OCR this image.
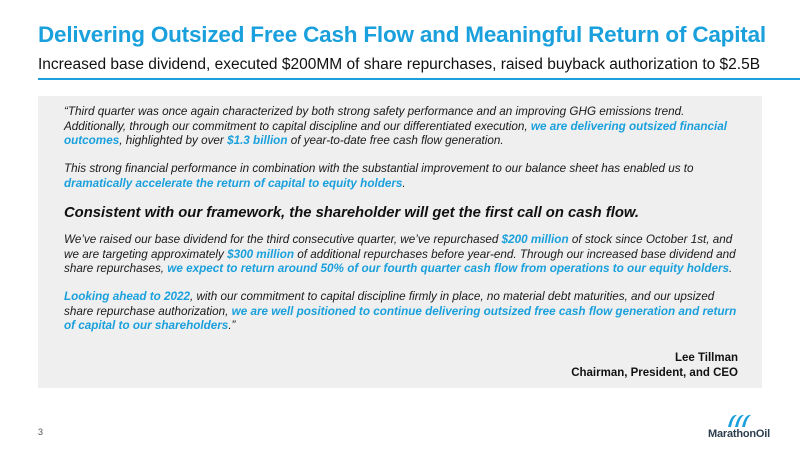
Delivering Outsized Free Cash Flow and Meaningful Return of Capital
Increased base dividend, executed $200MM of share repurchases, raised buyback authorization to $2.5B

“Third quarter was once again characterized by both strong safety performance and an improving GHG emissions trend. Additionally, through our commitment to capital discipline and our differentiated execution, we are delivering outsized financial outcomes, highlighted by over $1.3 billion of year-to-date free cash flow generation.

This strong financial performance in combination with the substantial improvement to our balance sheet has enabled us to dramatically accelerate the return of capital to equity holders.

Consistent with our framework, the shareholder will get the first call on cash flow.

We’ve raised our base dividend for the third consecutive quarter, we’ve repurchased $200 million of stock since October 1st, and we are targeting approximately $300 million of additional repurchases before year-end. Through our increased base dividend and share repurchases, we expect to return around 50% of our fourth quarter cash flow from operations to our equity holders.

Looking ahead to 2022, with our commitment to capital discipline firmly in place, no material debt maturities, and our upsized share repurchase authorization, we are well positioned to continue delivering outsized free cash flow generation and return of capital to our shareholders.”

Lee Tillman
Chairman, President, and CEO
3	MarathonOil
